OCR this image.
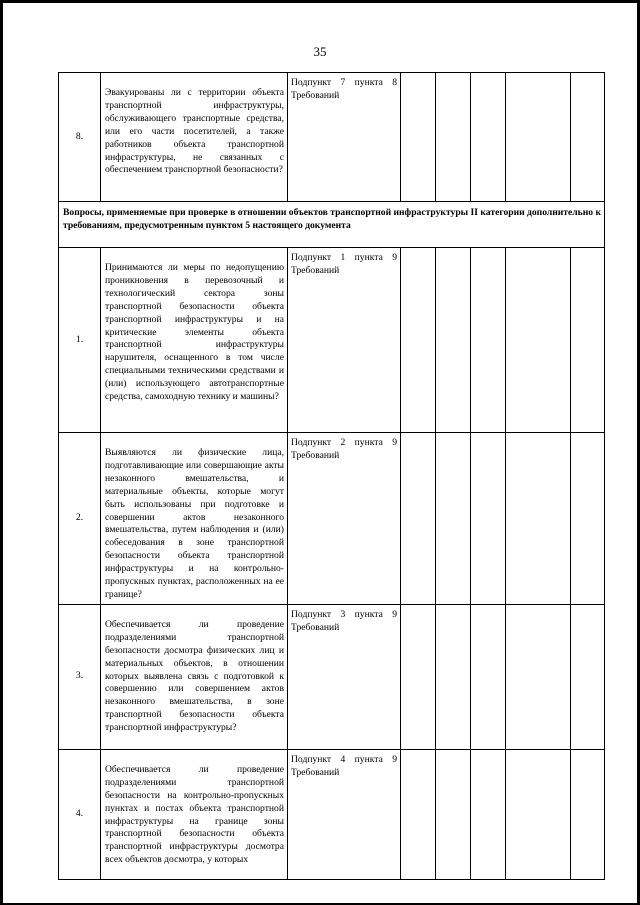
35
8.	Эвакуированы ли с территории объекта транспортной инфраструктуры, обслуживающего транспортные средства, или его части посетителей, а также работников объекта транспортной инфраструктуры, не связанных с обеспечением транспортной безопасности?	Подпункт 7 пункта 8
Требований					

Вопросы, применяемые при проверке в отношении объектов транспортной инфраструктуры II категории дополнительно к требованиям, предусмотренным пунктом 5 настоящего документа							
1.	Принимаются ли меры по недопущению проникновения в перевозочный и технологический сектора зоны транспортной безопасности объекта транспортной инфраструктуры и на критические элементы объекта транспортной инфраструктуры нарушителя, оснащенного в том числе специальными техническими средствами и (или) использующего автотранспортные средства, самоходную технику и машины?	Подпункт 1 пункта 9
Требований					

2.	Выявляются ли физические лица, подготавливающие или совершающие акты незаконного вмешательства, и материальные объекты, которые могут быть использованы при подготовке и совершении актов незаконного вмешательства, путем наблюдения и (или) собеседования в зоне транспортной безопасности объекта транспортной инфраструктуры и на контрольно-пропускных пунктах, расположенных на ее границе?	Подпункт 2 пункта 9
Требований					

3.	Обеспечивается ли проведение подразделениями транспортной безопасности досмотра физических лиц и материальных объектов, в отношении которых выявлена связь с подготовкой к совершению или совершением актов незаконного вмешательства, в зоне транспортной безопасности объекта транспортной инфраструктуры?	Подпункт 3 пункта 9
Требований					

4.	Обеспечивается ли проведение подразделениями транспортной безопасности на контрольно-пропускных пунктах и постах объекта транспортной инфраструктуры на границе зоны транспортной безопасности объекта транспортной инфраструктуры досмотра всех объектов досмотра, у которых	Подпункт 4 пункта 9
Требований					
